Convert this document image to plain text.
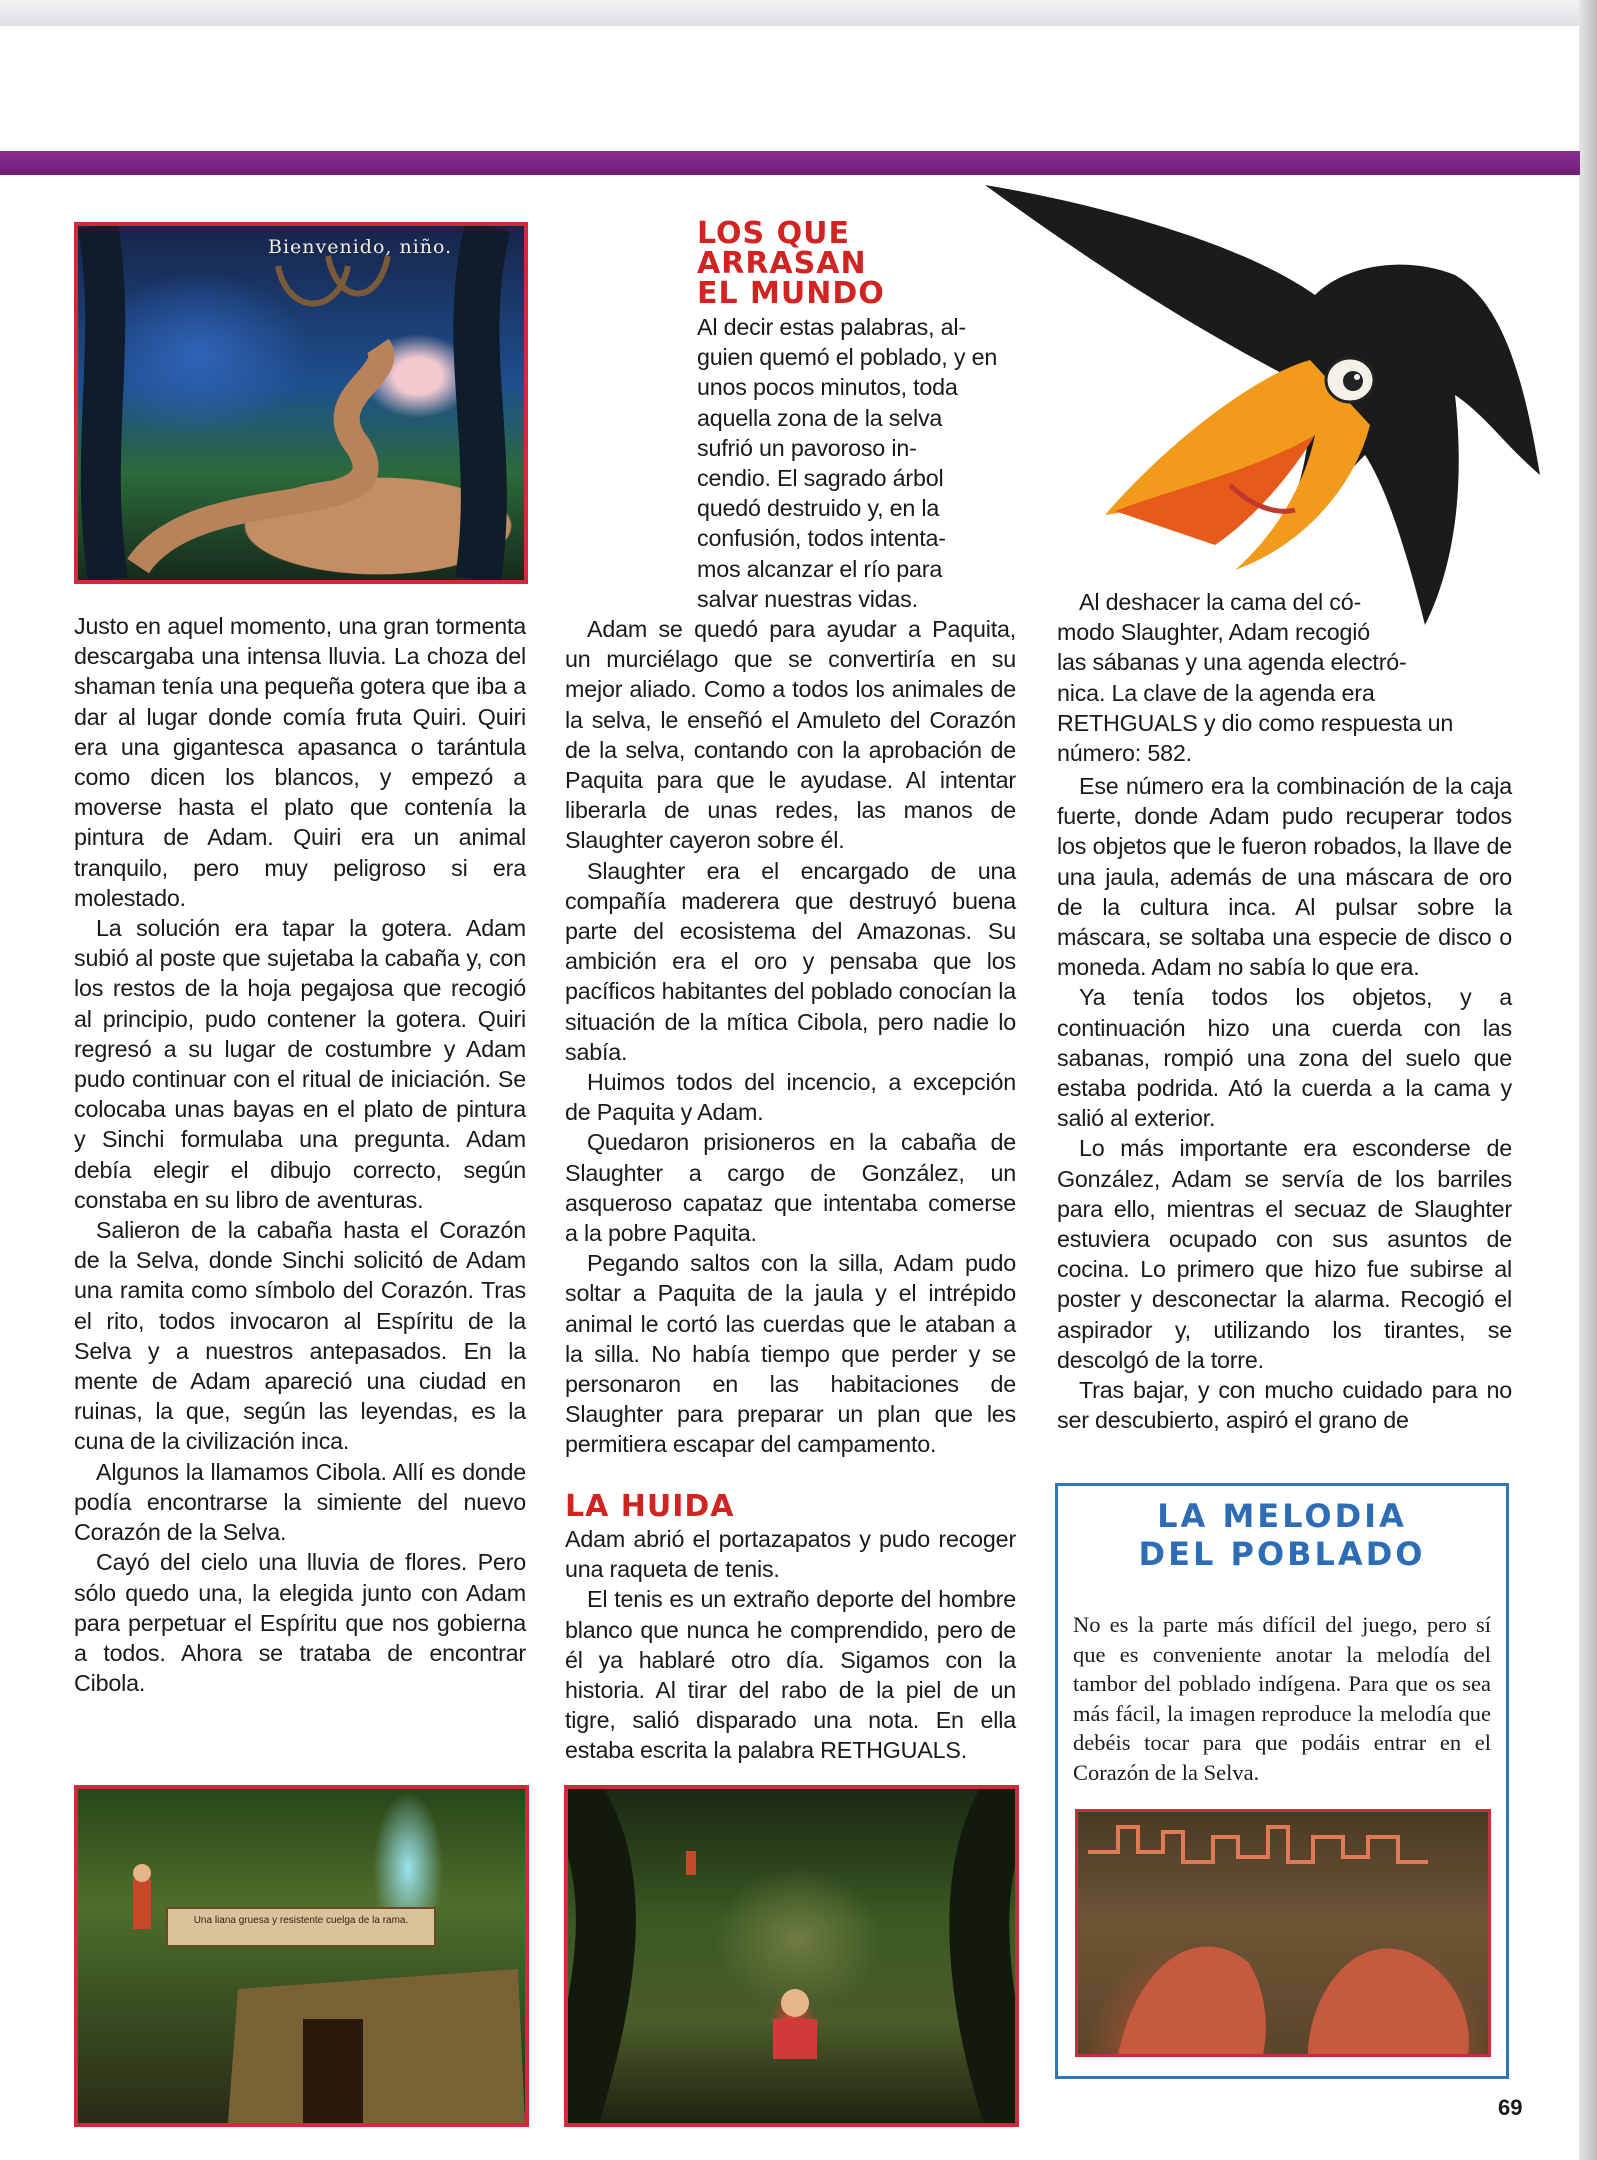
Bienvenido, niño.

Justo en aquel momento, una gran tormenta descargaba una intensa lluvia. La choza del shaman tenía una pequeña gotera que iba a dar al lugar donde comía fruta Quiri. Quiri era una gigantesca apasanca o tarántula como dicen los blancos, y empezó a moverse hasta el plato que contenía la pintura de Adam. Quiri era un animal tranquilo, pero muy peligroso si era molestado.

La solución era tapar la gotera. Adam subió al poste que sujetaba la cabaña y, con los restos de la hoja pegajosa que recogió al principio, pudo contener la gotera. Quiri regresó a su lugar de costumbre y Adam pudo continuar con el ritual de iniciación. Se colocaba unas bayas en el plato de pintura y Sinchi formulaba una pregunta. Adam debía elegir el dibujo correcto, según constaba en su libro de aventuras.

Salieron de la cabaña hasta el Corazón de la Selva, donde Sinchi solicitó de Adam una ramita como símbolo del Corazón. Tras el rito, todos invocaron al Espíritu de la Selva y a nuestros antepasados. En la mente de Adam apareció una ciudad en ruinas, la que, según las leyendas, es la cuna de la civilización inca.

Algunos la llamamos Cibola. Allí es donde podía encontrarse la simiente del nuevo Corazón de la Selva.

Cayó del cielo una lluvia de flores. Pero sólo quedo una, la elegida junto con Adam para perpetuar el Espíritu que nos gobierna a todos. Ahora se trataba de encontrar Cibola.

LOS QUE
ARRASAN
EL MUNDO
Al decir estas palabras, al-
guien quemó el poblado, y en
unos pocos minutos, toda
aquella zona de la selva
sufrió un pavoroso in-
cendio. El sagrado árbol
quedó destruido y, en la
confusión, todos intenta-
mos alcanzar el río para
salvar nuestras vidas.

Adam se quedó para ayudar a Paquita, un murciélago que se convertiría en su mejor aliado. Como a todos los animales de la selva, le enseñó el Amuleto del Corazón de la selva, contando con la aprobación de Paquita para que le ayudase. Al intentar liberarla de unas redes, las manos de Slaughter cayeron sobre él.

Slaughter era el encargado de una compañía maderera que destruyó buena parte del ecosistema del Amazonas. Su ambición era el oro y pensaba que los pacíficos habitantes del poblado conocían la situación de la mítica Cibola, pero nadie lo sabía.

Huimos todos del incencio, a excepción de Paquita y Adam.

Quedaron prisioneros en la cabaña de Slaughter a cargo de González, un asqueroso capataz que intentaba comerse a la pobre Paquita.

Pegando saltos con la silla, Adam pudo soltar a Paquita de la jaula y el intrépido animal le cortó las cuerdas que le ataban a la silla. No había tiempo que perder y se personaron en las habitaciones de Slaughter para preparar un plan que les permitiera escapar del campamento.

LA HUIDA

Adam abrió el portazapatos y pudo recoger una raqueta de tenis.

El tenis es un extraño deporte del hombre blanco que nunca he comprendido, pero de él ya hablaré otro día. Sigamos con la historia. Al tirar del rabo de la piel de un tigre, salió disparado una nota. En ella estaba escrita la palabra RETHGUALS.

Al deshacer la cama del có-
modo Slaughter, Adam recogió
las sábanas y una agenda electró-
nica. La clave de la agenda era
RETHGUALS y dio como respuesta un
número: 582.

Ese número era la combinación de la caja fuerte, donde Adam pudo recuperar todos los objetos que le fueron robados, la llave de una jaula, además de una máscara de oro de la cultura inca. Al pulsar sobre la máscara, se soltaba una especie de disco o moneda. Adam no sabía lo que era.

Ya tenía todos los objetos, y a continuación hizo una cuerda con las sabanas, rompió una zona del suelo que estaba podrida. Ató la cuerda a la cama y salió al exterior.

Lo más importante era esconderse de González, Adam se servía de los barriles para ello, mientras el secuaz de Slaughter estuviera ocupado con sus asuntos de cocina. Lo primero que hizo fue subirse al poster y desconectar la alarma. Recogió el aspirador y, utilizando los tirantes, se descolgó de la torre.

Tras bajar, y con mucho cuidado para no ser descubierto, aspiró el grano de

LA MELODIA
DEL POBLADO
No es la parte más difícil del juego, pero sí que es conveniente anotar la melodía del tambor del poblado indígena. Para que os sea más fácil, la imagen reproduce la melodía que debéis tocar para que podáis entrar en el Corazón de la Selva.
Una liana gruesa y resistente cuelga de la rama.
69
